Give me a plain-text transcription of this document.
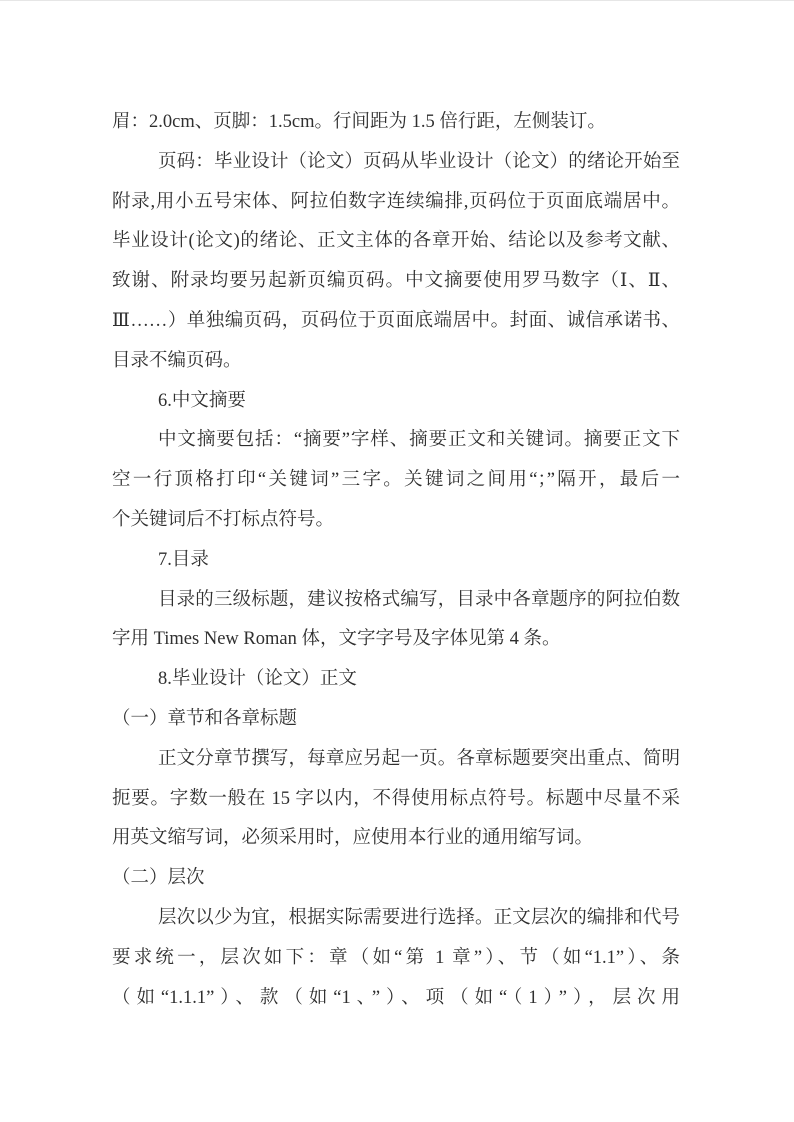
眉：2.0cm、页脚：1.5cm。行间距为 1.5 倍行距，左侧装订。
页码：毕业设计（论文）页码从毕业设计（论文）的绪论开始至
附录,用小五号宋体、阿拉伯数字连续编排,页码位于页面底端居中。
毕业设计(论文)的绪论、正文主体的各章开始、结论以及参考文献、
致谢、附录均要另起新页编页码。中文摘要使用罗马数字（Ⅰ、Ⅱ、
Ⅲ……）单独编页码，页码位于页面底端居中。封面、诚信承诺书、
目录不编页码。
6.中文摘要
中文摘要包括：“摘要”字样、摘要正文和关键词。摘要正文下
空一行顶格打印“关键词”三字。关键词之间用“；”隔开，最后一
个关键词后不打标点符号。
7.目录
目录的三级标题，建议按格式编写，目录中各章题序的阿拉伯数
字用 Times New Roman 体，文字字号及字体见第 4 条。
8.毕业设计（论文）正文
（一）章节和各章标题
正文分章节撰写，每章应另起一页。各章标题要突出重点、简明
扼要。字数一般在 15 字以内，不得使用标点符号。标题中尽量不采
用英文缩写词，必须采用时，应使用本行业的通用缩写词。
（二）层次
层次以少为宜，根据实际需要进行选择。正文层次的编排和代号
要求统一，层次如下：章（如“第 1 章”）、节（如“1.1”）、条
（如“1.1.1”）、款（如“1、”）、项（如“（1）”），层次用
